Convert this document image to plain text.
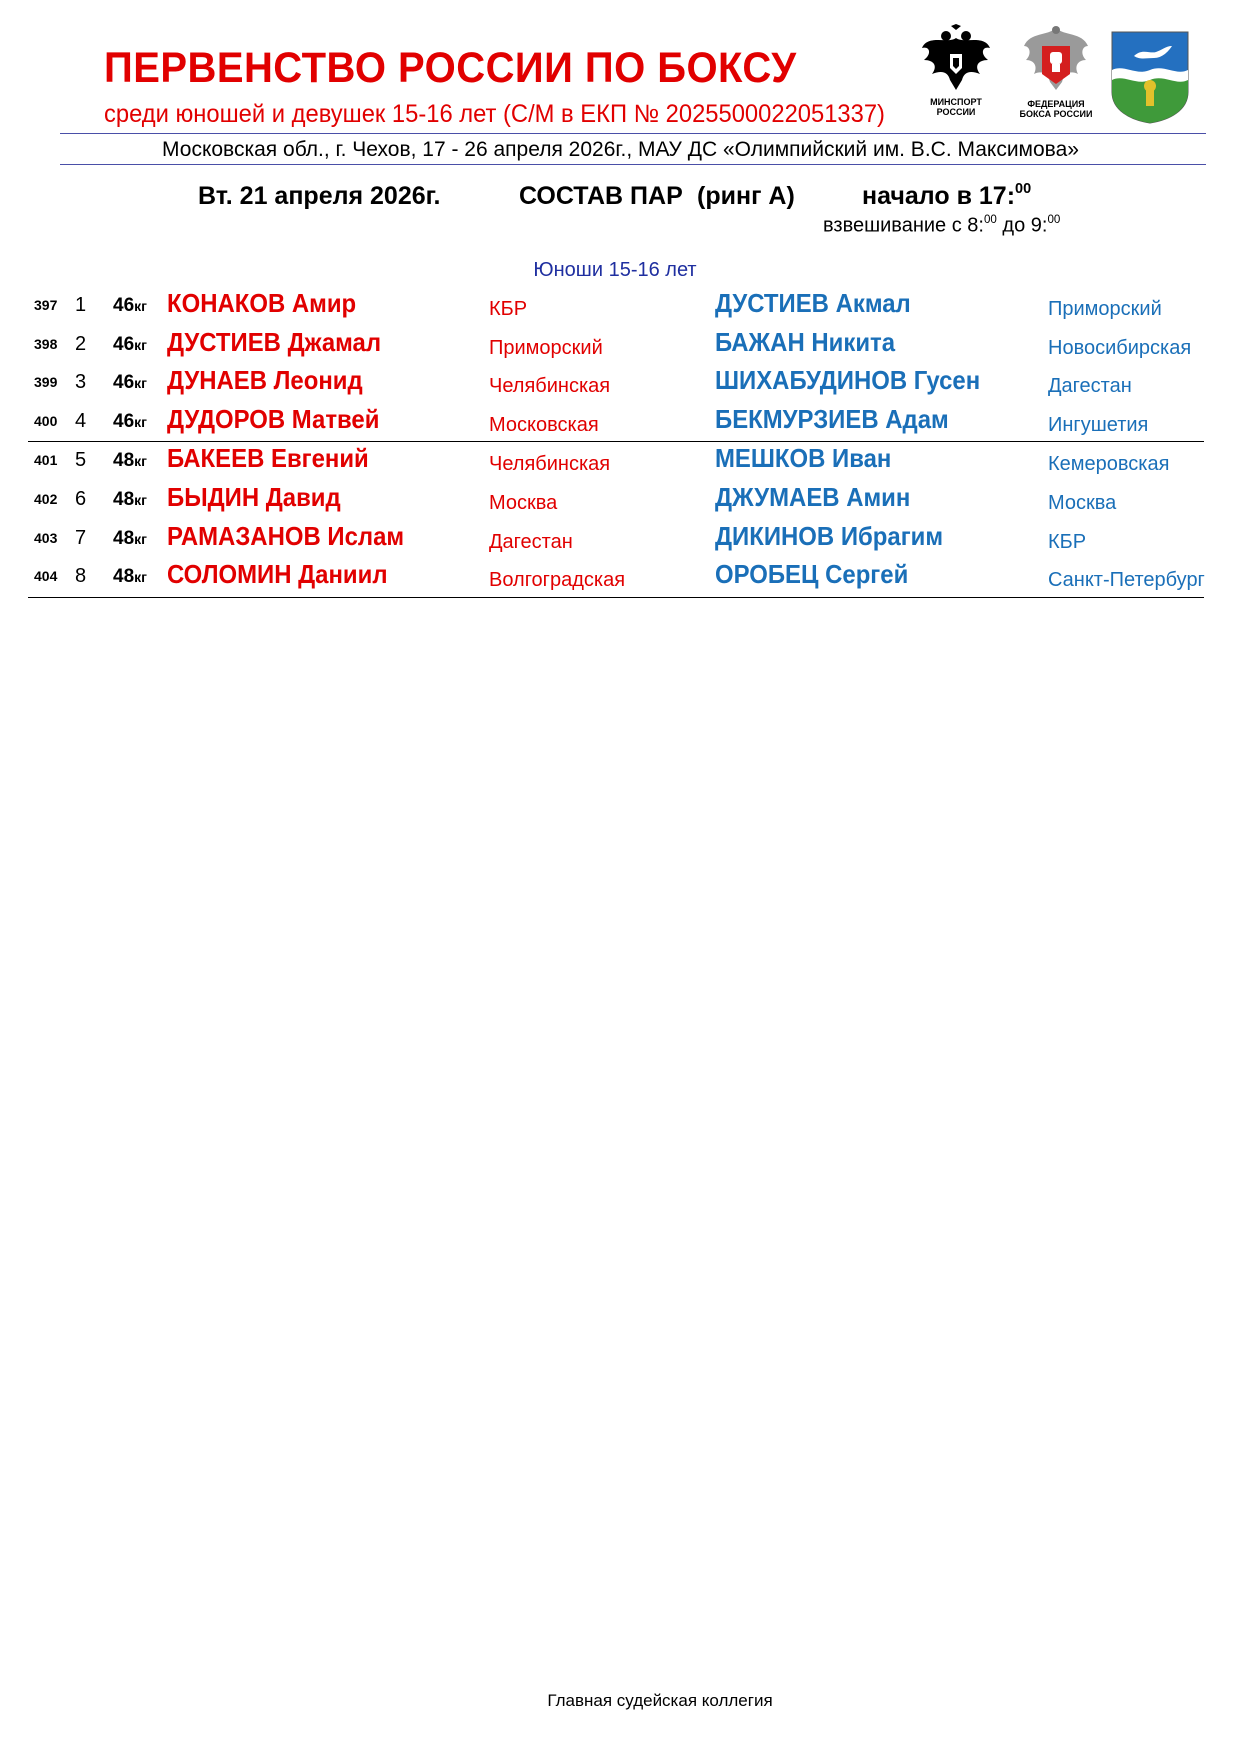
ПЕРВЕНСТВО РОССИИ ПО БОКСУ
среди юношей и девушек 15-16 лет (С/М в ЕКП № 2025500022051337)	МИНСПОРТ
РОССИИ
ФЕДЕРАЦИЯ
БОКСА РОССИИ
Московская обл., г. Чехов, 17 - 26 апреля 2026г., МАУ ДС «Олимпийский им. В.С. Максимова»
Вт. 21 апреля 2026г.	СОСТАВ ПАР (ринг А)	начало в 17:$^{00}$
взвешивание с 8:$^{00}$ до 9:$^{00}$
Юноши 15-16 лет
397 1 46кг КОНАКОВ Амир	КБР	ДУСТИЕВ Акмал	Приморский
398 2 46кг ДУСТИЕВ Джамал	Приморский	БАЖАН Никита	Новосибирская
399 3 46кг ДУНАЕВ Леонид	Челябинская	ШИХАБУДИНОВ Гусен	Дагестан
400 4 46кг ДУДОРОВ Матвей	Московская	БЕКМУРЗИЕВ Адам	Ингушетия
401 5 48кг БАКЕЕВ Евгений	Челябинская	МЕШКОВ Иван	Кемеровская
402 6 48кг БЫДИН Давид	Москва	ДЖУМАЕВ Амин	Москва
403 7 48кг РАМАЗАНОВ Ислам	Дагестан	ДИКИНОВ Ибрагим	КБР
404 8 48кг СОЛОМИН Даниил	Волгоградская	ОРОБЕЦ Сергей	Санкт-Петербург
Главная судейская коллегия
